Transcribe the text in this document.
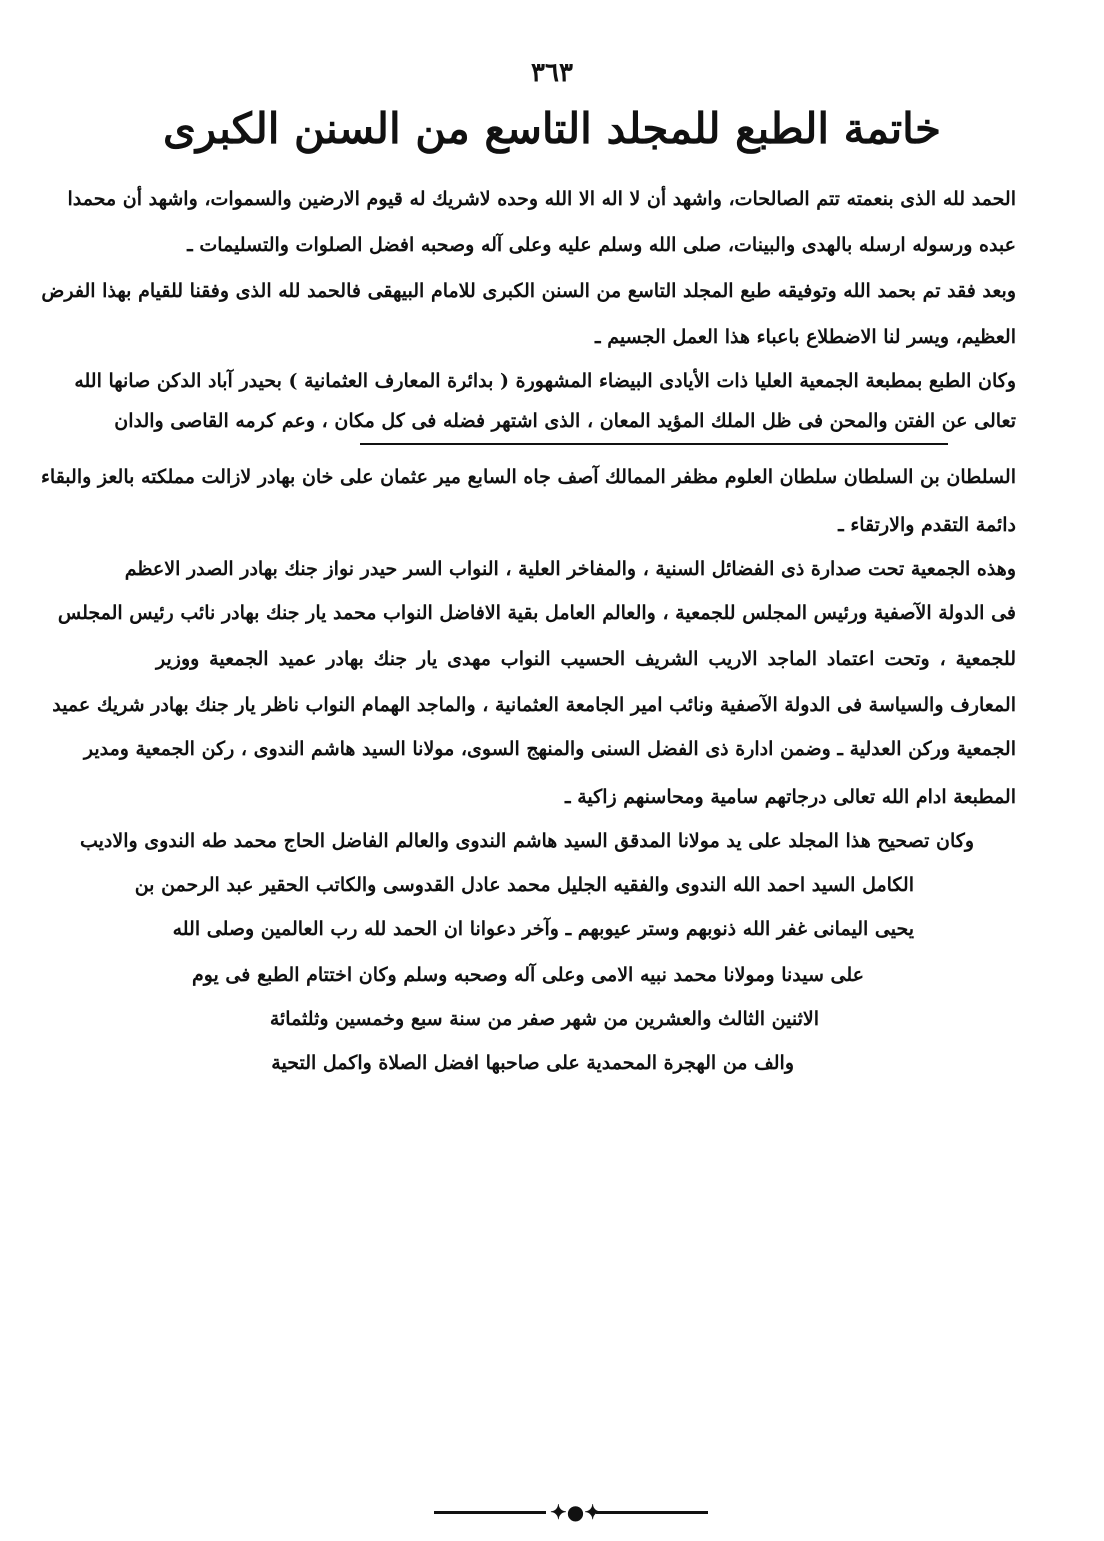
٣٦٣
خاتمة الطبع للمجلد التاسع من السنن الكبرى
الحمد لله الذى بنعمته تتم الصالحات، واشهد أن لا اله الا الله وحده لاشريك له قيوم الارضين والسموات، واشهد أن محمدا
عبده ورسوله ارسله بالهدى والبينات، صلى الله وسلم عليه وعلى آله وصحبه افضل الصلوات والتسليمات ـ
وبعد فقد تم بحمد الله وتوفيقه طبع المجلد التاسع من السنن الكبرى للامام البيهقى فالحمد لله الذى وفقنا للقيام بهذا الفرض
العظيم، ويسر لنا الاضطلاع باعباء هذا العمل الجسيم ـ
وكان الطبع بمطبعة الجمعية العليا ذات الأيادى البيضاء المشهورة ( بدائرة المعارف العثمانية ) بحيدر آباد الدكن صانها الله
تعالى عن الفتن والمحن فى ظل الملك المؤيد المعان ، الذى اشتهر فضله فى كل مكان ، وعم كرمه القاصى والدان
السلطان بن السلطان سلطان العلوم مظفر الممالك آصف جاه السابع مير عثمان على خان بهادر لازالت مملكته بالعز والبقاء
دائمة التقدم والارتقاء ـ
وهذه الجمعية تحت صدارة ذى الفضائل السنية ، والمفاخر العلية ، النواب السر حيدر نواز جنك بهادر الصدر الاعظم
فى الدولة الآصفية ورئيس المجلس للجمعية ، والعالم العامل بقية الافاضل النواب محمد يار جنك بهادر نائب رئيس المجلس
للجمعية ، وتحت اعتماد الماجد الاريب الشريف الحسيب النواب مهدى يار جنك بهادر عميد الجمعية ووزير
المعارف والسياسة فى الدولة الآصفية ونائب امير الجامعة العثمانية ، والماجد الهمام النواب ناظر يار جنك بهادر شريك عميد
الجمعية وركن العدلية ـ وضمن ادارة ذى الفضل السنى والمنهج السوى، مولانا السيد هاشم الندوى ، ركن الجمعية ومدير
المطبعة ادام الله تعالى درجاتهم سامية ومحاسنهم زاكية ـ
وكان تصحيح هذا المجلد على يد مولانا المدقق السيد هاشم الندوى والعالم الفاضل الحاج محمد طه الندوى والاديب
الكامل السيد احمد الله الندوى والفقيه الجليل محمد عادل القدوسى والكاتب الحقير عبد الرحمن بن
يحيى اليمانى غفر الله ذنوبهم وستر عيوبهم ـ وآخر دعوانا ان الحمد لله رب العالمين وصلى الله
على سيدنا ومولانا محمد نبيه الامى وعلى آله وصحبه وسلم وكان اختتام الطبع فى يوم
الاثنين الثالث والعشرين من شهر صفر من سنة سبع وخمسين وثلثمائة
والف من الهجرة المحمدية على صاحبها افضل الصلاة واكمل التحية
✦●✦
